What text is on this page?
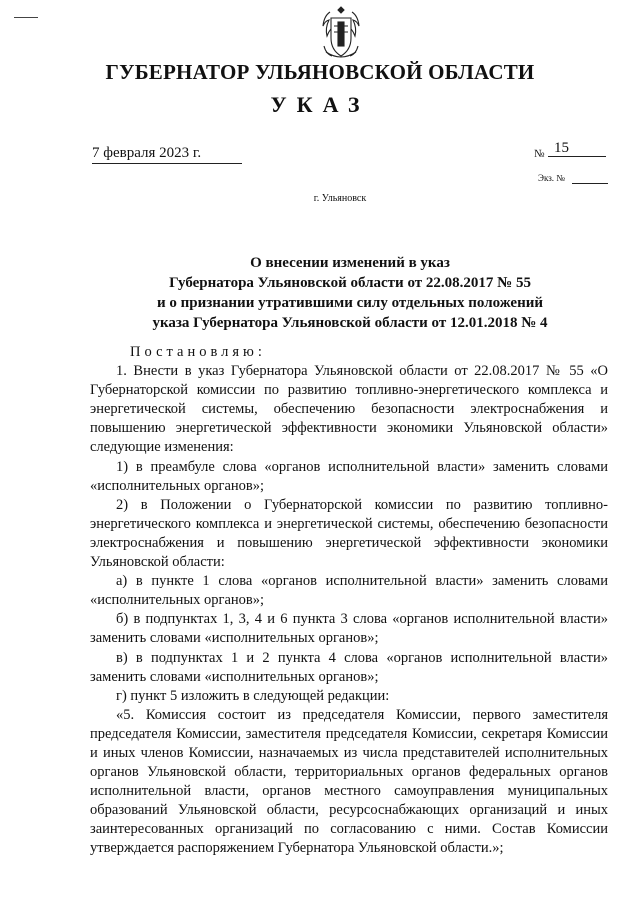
ГУБЕРНАТОР УЛЬЯНОВСКОЙ ОБЛАСТИ
УКАЗ
7 февраля 2023 г.	№ 15
Экз. №
г. Ульяновск
О внесении изменений в указ
Губернатора Ульяновской области от 22.08.2017 № 55
и о признании утратившими силу отдельных положений
указа Губернатора Ульяновской области от 12.01.2018 № 4

Постановляю:

1. Внести в указ Губернатора Ульяновской области от 22.08.2017 № 55 «О Губернаторской комиссии по развитию топливно-энергетического комплекса и энергетической системы, обеспечению безопасности электроснабжения и повышению энергетической эффективности экономики Ульяновской области» следующие изменения:

1) в преамбуле слова «органов исполнительной власти» заменить словами «исполнительных органов»;

2) в Положении о Губернаторской комиссии по развитию топливно-энергетического комплекса и энергетической системы, обеспечению безопасности электроснабжения и повышению энергетической эффективности экономики Ульяновской области:

а) в пункте 1 слова «органов исполнительной власти» заменить словами «исполнительных органов»;

б) в подпунктах 1, 3, 4 и 6 пункта 3 слова «органов исполнительной власти» заменить словами «исполнительных органов»;

в) в подпунктах 1 и 2 пункта 4 слова «органов исполнительной власти» заменить словами «исполнительных органов»;

г) пункт 5 изложить в следующей редакции:

«5. Комиссия состоит из председателя Комиссии, первого заместителя председателя Комиссии, заместителя председателя Комиссии, секретаря Комиссии и иных членов Комиссии, назначаемых из числа представителей исполнительных органов Ульяновской области, территориальных органов федеральных органов исполнительной власти, органов местного самоуправления муниципальных образований Ульяновской области, ресурсоснабжающих организаций и иных заинтересованных организаций по согласованию с ними. Состав Комиссии утверждается распоряжением Губернатора Ульяновской области.»;
